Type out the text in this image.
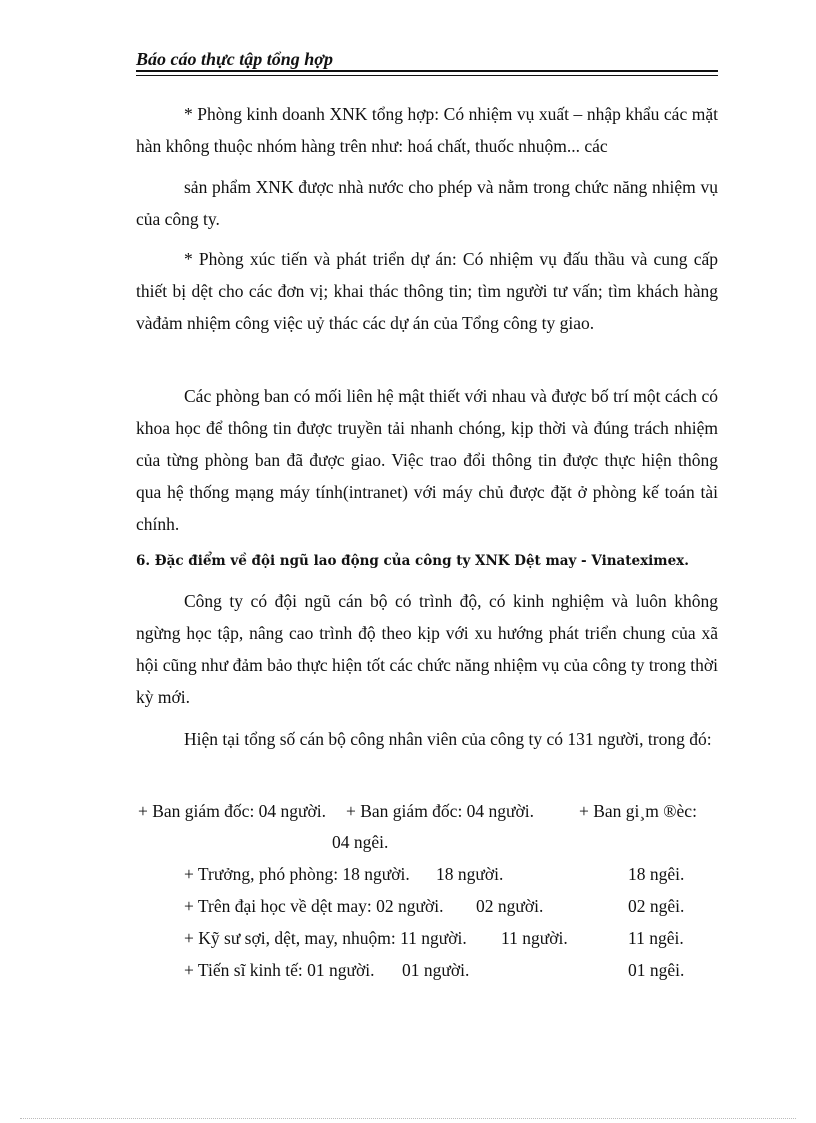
Báo cáo thực tập tổng hợp

* Phòng kinh doanh XNK tổng hợp: Có nhiệm vụ xuất – nhập khẩu các mặt hàn không thuộc nhóm hàng trên như: hoá chất, thuốc nhuộm... các

sản phẩm XNK được nhà nước cho phép và nằm trong chức năng nhiệm vụ của công ty.

* Phòng xúc tiến và phát triển dự án: Có nhiệm vụ đấu thầu và cung cấp thiết bị dệt cho các đơn vị; khai thác thông tin; tìm người tư vấn; tìm khách hàng vàđảm nhiệm công việc uỷ thác các dự án của Tổng công ty giao.

Các phòng ban có mối liên hệ mật thiết với nhau và được bố trí một cách có khoa học để thông tin được truyền tải nhanh chóng, kịp thời và đúng trách nhiệm của từng phòng ban đã được giao. Việc trao đổi thông tin được thực hiện thông qua hệ thống mạng máy tính(intranet) với máy chủ được đặt ở phòng kế toán tài chính.

6. Đặc điểm về đội ngũ lao động của công ty XNK Dệt may - Vinateximex.

Công ty có đội ngũ cán bộ có trình độ, có kinh nghiệm và luôn không ngừng học tập, nâng cao trình độ theo kịp với xu hướng phát triển chung của xã hội cũng như đảm bảo thực hiện tốt các chức năng nhiệm vụ của công ty trong thời kỳ mới.

Hiện tại tổng số cán bộ công nhân viên của công ty có 131 người, trong đó:

+ Ban giám đốc: 04 người. + Ban giám đốc: 04 người.	+ Ban gi¸m ®èc:
04 ngêi.
+ Trưởng, phó phòng: 18 người. 18 người.	18 ngêi.
+ Trên đại học về dệt may: 02 người. 02 người.	02 ngêi.
+ Kỹ sư sợi, dệt, may, nhuộm: 11 người. 11 người.	11 ngêi.
+ Tiến sĩ kinh tế: 01 người. 01 người.	01 ngêi.
